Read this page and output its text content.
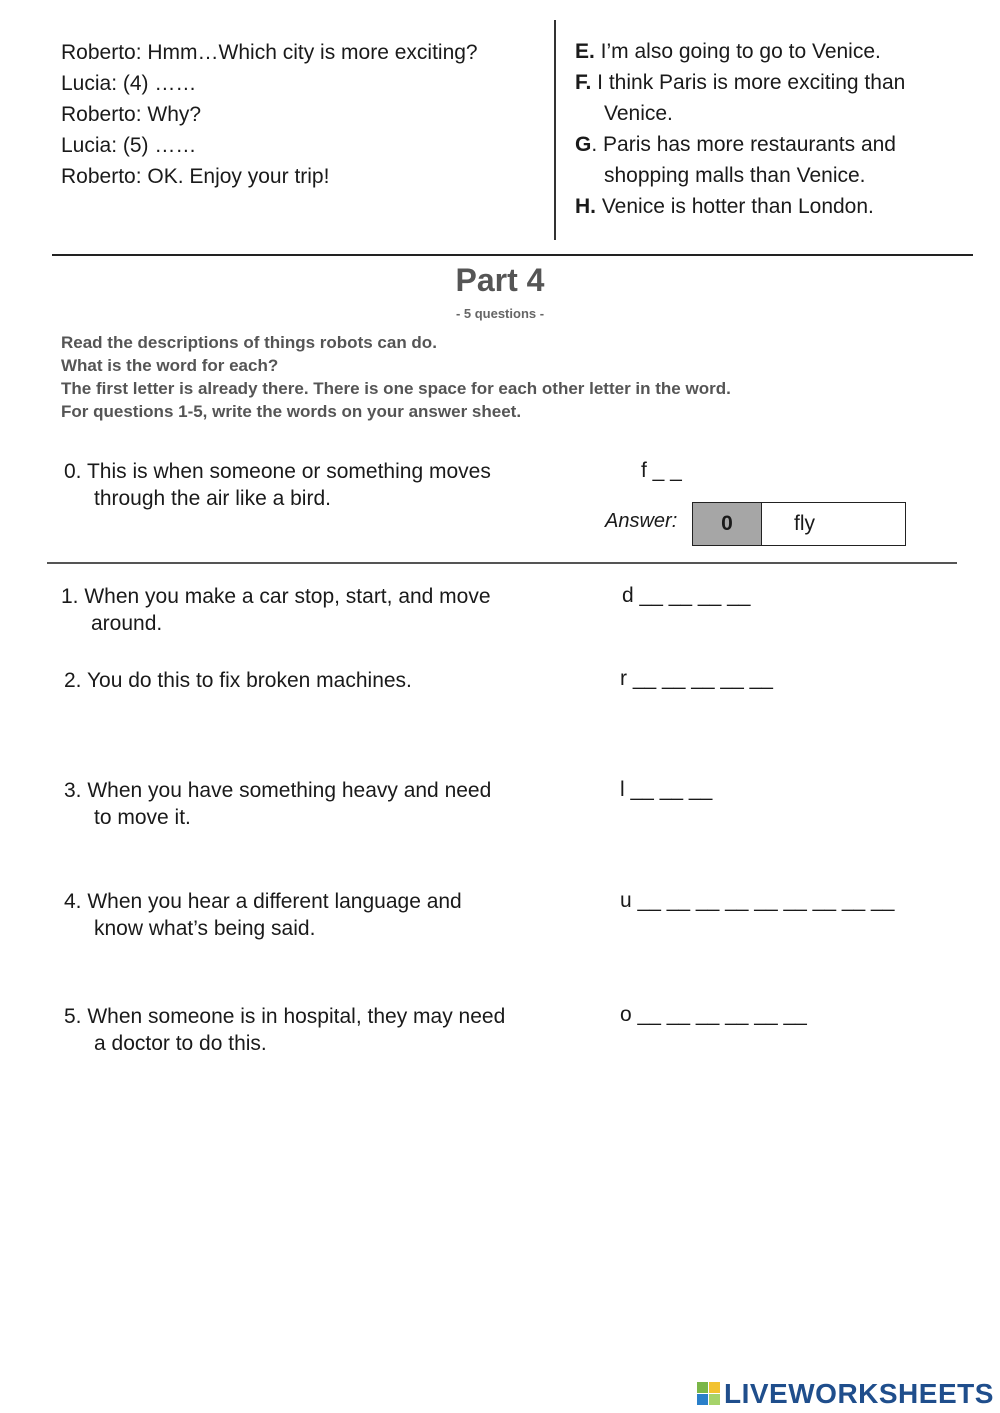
Roberto: Hmm…Which city is more exciting?
Lucia: (4) ……
Roberto: Why?
Lucia: (5) ……
Roberto: OK. Enjoy your trip!
E. I’m also going to go to Venice.
F. I think Paris is more exciting than
Venice.
G. Paris has more restaurants and
shopping malls than Venice.
H. Venice is hotter than London.
Part 4
- 5 questions -
Read the descriptions of things robots can do.
What is the word for each?
The first letter is already there. There is one space for each other letter in the word.
For questions 1-5, write the words on your answer sheet.
0. This is when someone or something moves
through the air like a bird.
f _ _
Answer:	0	fly
1. When you make a car stop, start, and move
around.
d __ __ __ __
2. You do this to fix broken machines.	r __ __ __ __ __
3. When you have something heavy and need
to move it.
l __ __ __
4. When you hear a different language and
know what’s being said.
u __ __ __ __ __ __ __ __ __
5. When someone is in hospital, they may need
a doctor to do this.
o __ __ __ __ __ __
LIVEWORKSHEETS
